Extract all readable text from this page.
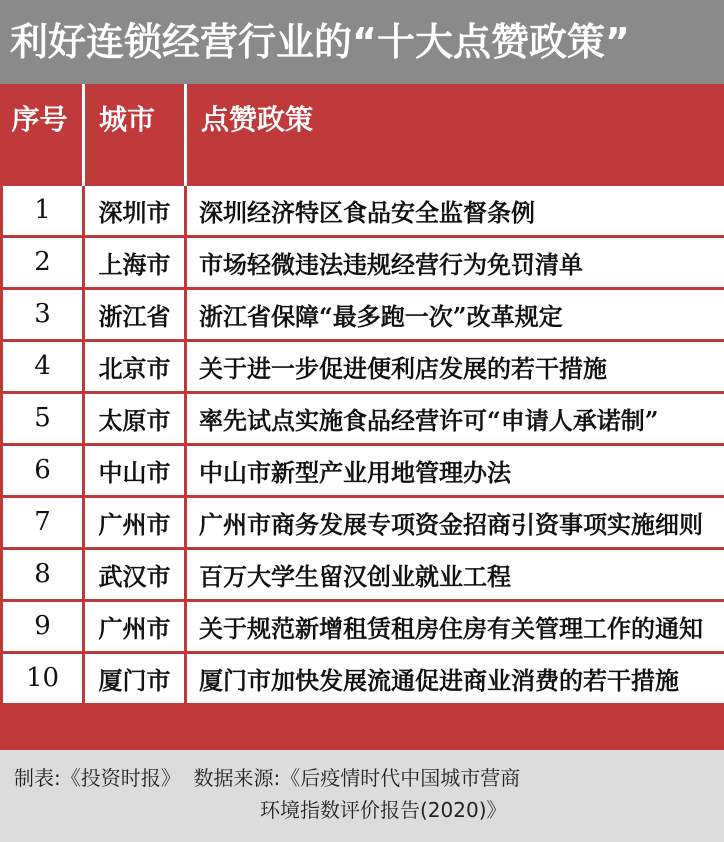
利好连锁经营行业的“十大点赞政策”
序号	城市	点赞政策
1	深圳市	深圳经济特区食品安全监督条例
2	上海市	市场轻微违法违规经营行为免罚清单
3	浙江省	浙江省保障“最多跑一次”改革规定
4	北京市	关于进一步促进便利店发展的若干措施
5	太原市	率先试点实施食品经营许可“申请人承诺制”
6	中山市	中山市新型产业用地管理办法
7	广州市	广州市商务发展专项资金招商引资事项实施细则
8	武汉市	百万大学生留汉创业就业工程
9	广州市	关于规范新增租赁租房住房有关管理工作的通知
10	厦门市	厦门市加快发展流通促进商业消费的若干措施
制表:《投资时报》 数据来源:《后疫情时代中国城市营商
环境指数评价报告(2020)》
